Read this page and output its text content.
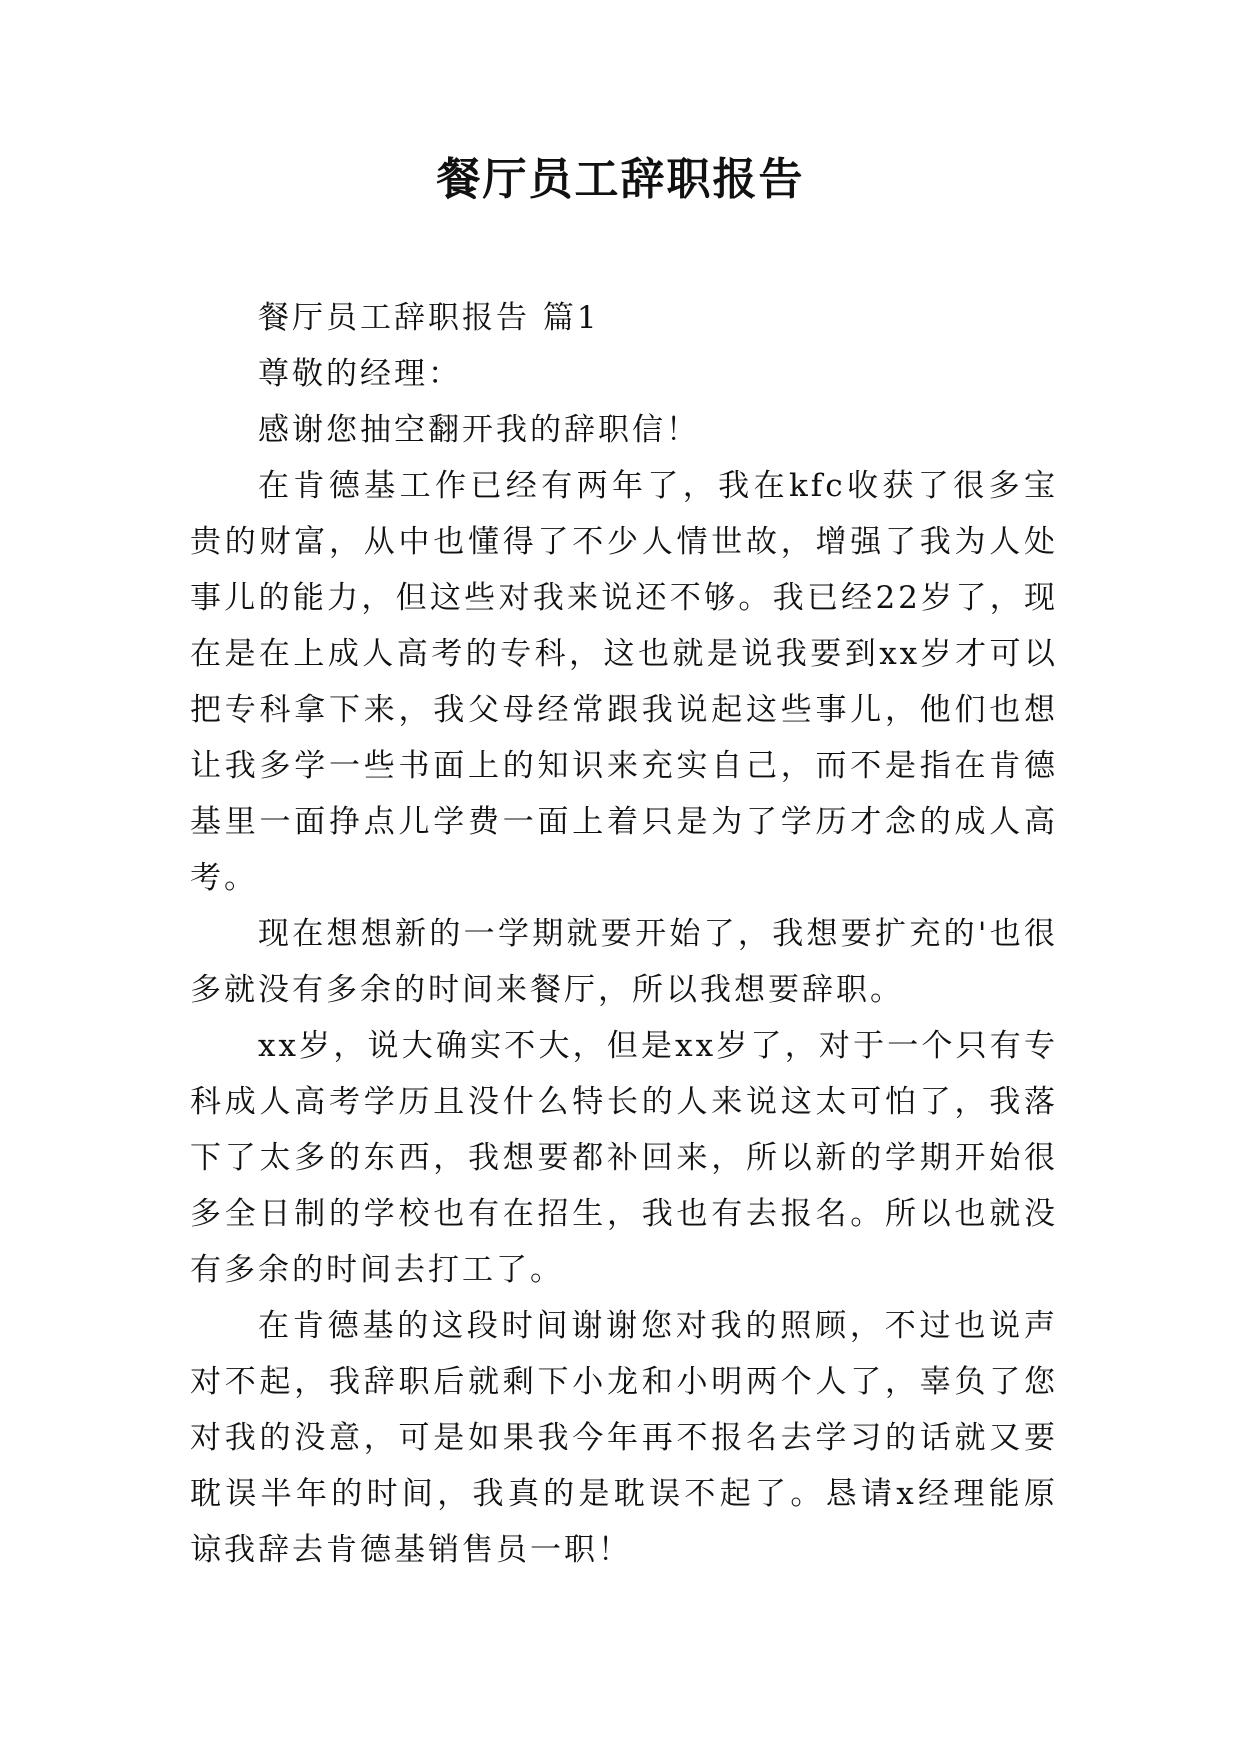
餐厅员工辞职报告

餐厅员工辞职报告 篇1

尊敬的经理：

感谢您抽空翻开我的辞职信！

在肯德基工作已经有两年了，我在kfc收获了很多宝贵的财富，从中也懂得了不少人情世故，增强了我为人处事儿的能力，但这些对我来说还不够。我已经22岁了，现在是在上成人高考的专科，这也就是说我要到xx岁才可以把专科拿下来，我父母经常跟我说起这些事儿，他们也想让我多学一些书面上的知识来充实自己，而不是指在肯德基里一面挣点儿学费一面上着只是为了学历才念的成人高考。

现在想想新的一学期就要开始了，我想要扩充的'也很多就没有多余的时间来餐厅，所以我想要辞职。

xx岁，说大确实不大，但是xx岁了，对于一个只有专科成人高考学历且没什么特长的人来说这太可怕了，我落下了太多的东西，我想要都补回来，所以新的学期开始很多全日制的学校也有在招生，我也有去报名。所以也就没有多余的时间去打工了。

在肯德基的这段时间谢谢您对我的照顾，不过也说声对不起，我辞职后就剩下小龙和小明两个人了，辜负了您对我的没意，可是如果我今年再不报名去学习的话就又要耽误半年的时间，我真的是耽误不起了。恳请x经理能原谅我辞去肯德基销售员一职！
